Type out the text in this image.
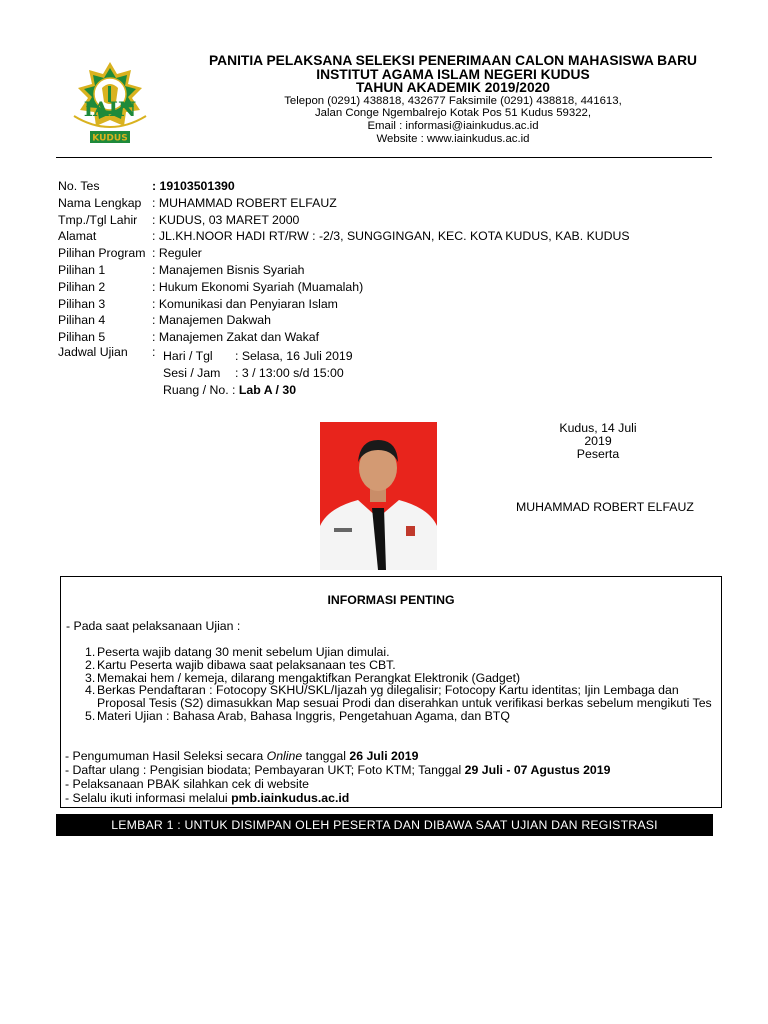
IAIN
KUDUS
PANITIA PELAKSANA SELEKSI PENERIMAAN CALON MAHASISWA BARU
INSTITUT AGAMA ISLAM NEGERI KUDUS
TAHUN AKADEMIK 2019/2020
Telepon (0291) 438818, 432677 Faksimile (0291) 438818, 441613,
Jalan Conge Ngembalrejo Kotak Pos 51 Kudus 59322,
Email : informasi@iainkudus.ac.id
Website : www.iainkudus.ac.id
No. Tes	: 19103501390
Nama Lengkap : MUHAMMAD ROBERT ELFAUZ
Tmp./Tgl Lahir : KUDUS, 03 MARET 2000
Alamat	: JL.KH.NOOR HADI RT/RW : -2/3, SUNGGINGAN, KEC. KOTA KUDUS, KAB. KUDUS
Pilihan Program : Reguler
Pilihan 1	: Manajemen Bisnis Syariah
Pilihan 2	: Hukum Ekonomi Syariah (Muamalah)
Pilihan 3	: Komunikasi dan Penyiaran Islam
Pilihan 4	: Manajemen Dakwah
Pilihan 5	: Manajemen Zakat dan Wakaf
Jadwal Ujian : Hari / Tgl : Selasa, 16 Juli 2019
Sesi / Jam : 3 / 13:00 s/d 15:00
Ruang / No. : Lab A / 30
Kudus, 14 Juli 2019
Peserta
MUHAMMAD ROBERT ELFAUZ
INFORMASI PENTING
- Pada saat pelaksanaan Ujian :
1. Peserta wajib datang 30 menit sebelum Ujian dimulai.
2. Kartu Peserta wajib dibawa saat pelaksanaan tes CBT.
3. Memakai hem / kemeja, dilarang mengaktifkan Perangkat Elektronik (Gadget)
4. Berkas Pendaftaran : Fotocopy SKHU/SKL/Ijazah yg dilegalisir; Fotocopy Kartu identitas; Ijin Lembaga dan Proposal Tesis (S2) dimasukkan Map sesuai Prodi dan diserahkan untuk verifikasi berkas sebelum mengikuti Tes
5. Materi Ujian : Bahasa Arab, Bahasa Inggris, Pengetahuan Agama, dan BTQ
- Pengumuman Hasil Seleksi secara Online tanggal 26 Juli 2019
- Daftar ulang : Pengisian biodata; Pembayaran UKT; Foto KTM; Tanggal 29 Juli - 07 Agustus 2019
- Pelaksanaan PBAK silahkan cek di website
- Selalu ikuti informasi melalui pmb.iainkudus.ac.id
LEMBAR 1 : UNTUK DISIMPAN OLEH PESERTA DAN DIBAWA SAAT UJIAN DAN REGISTRASI
